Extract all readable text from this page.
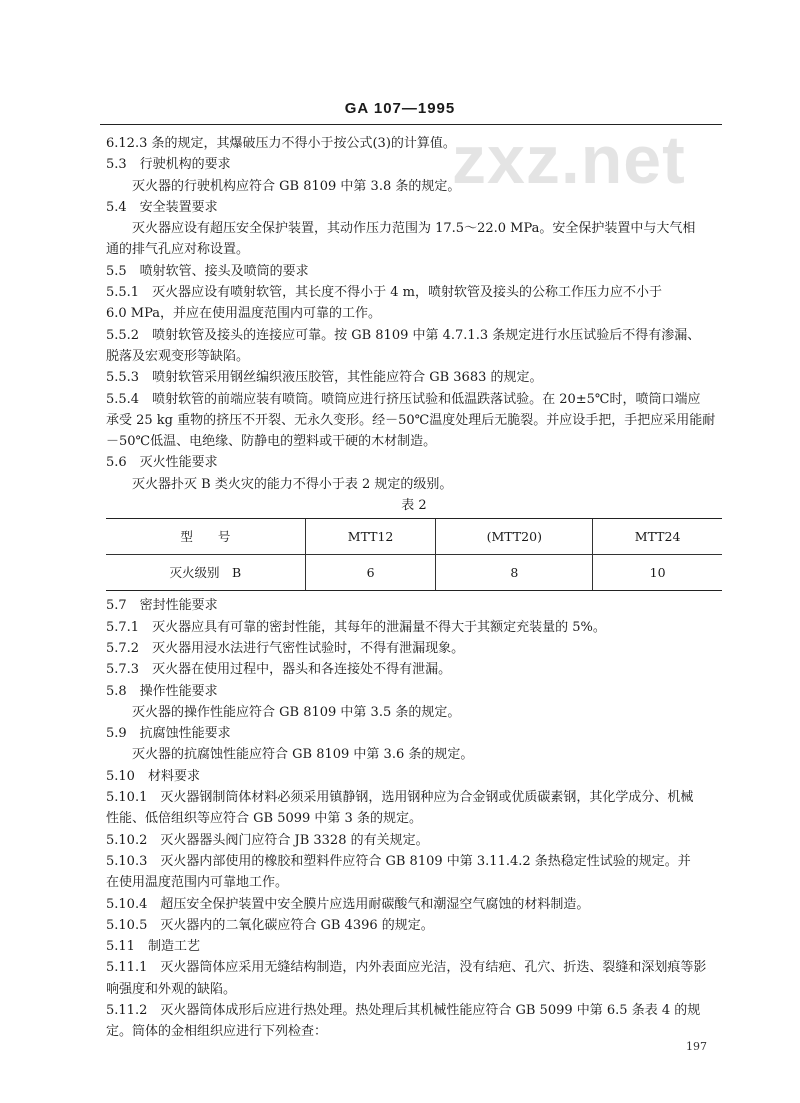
GA 107—1995
zxz.net
6.12.3 条的规定，其爆破压力不得小于按公式(3)的计算值。
5.3　行驶机构的要求
灭火器的行驶机构应符合 GB 8109 中第 3.8 条的规定。
5.4　安全装置要求
灭火器应设有超压安全保护装置，其动作压力范围为 17.5～22.0 MPa。安全保护装置中与大气相
通的排气孔应对称设置。
5.5　喷射软管、接头及喷筒的要求
5.5.1　灭火器应设有喷射软管，其长度不得小于 4 m，喷射软管及接头的公称工作压力应不小于
6.0 MPa，并应在使用温度范围内可靠的工作。
5.5.2　喷射软管及接头的连接应可靠。按 GB 8109 中第 4.7.1.3 条规定进行水压试验后不得有渗漏、
脱落及宏观变形等缺陷。
5.5.3　喷射软管采用钢丝编织液压胶管，其性能应符合 GB 3683 的规定。
5.5.4　喷射软管的前端应装有喷筒。喷筒应进行挤压试验和低温跌落试验。在 20±5℃时，喷筒口端应
承受 25 kg 重物的挤压不开裂、无永久变形。经－50℃温度处理后无脆裂。并应设手把，手把应采用能耐
－50℃低温、电绝缘、防静电的塑料或干硬的木材制造。
5.6　灭火性能要求
灭火器扑灭 B 类火灾的能力不得小于表 2 规定的级别。
表 2
型　　号	MTT12	(MTT20)	MTT24
灭火级别　B	6	8	10
5.7　密封性能要求
5.7.1　灭火器应具有可靠的密封性能，其每年的泄漏量不得大于其额定充装量的 5%。
5.7.2　灭火器用浸水法进行气密性试验时，不得有泄漏现象。
5.7.3　灭火器在使用过程中，器头和各连接处不得有泄漏。
5.8　操作性能要求
灭火器的操作性能应符合 GB 8109 中第 3.5 条的规定。
5.9　抗腐蚀性能要求
灭火器的抗腐蚀性能应符合 GB 8109 中第 3.6 条的规定。
5.10　材料要求
5.10.1　灭火器钢制筒体材料必须采用镇静钢，选用钢种应为合金钢或优质碳素钢，其化学成分、机械
性能、低倍组织等应符合 GB 5099 中第 3 条的规定。
5.10.2　灭火器器头阀门应符合 JB 3328 的有关规定。
5.10.3　灭火器内部使用的橡胶和塑料件应符合 GB 8109 中第 3.11.4.2 条热稳定性试验的规定。并
在使用温度范围内可靠地工作。
5.10.4　超压安全保护装置中安全膜片应选用耐碳酸气和潮湿空气腐蚀的材料制造。
5.10.5　灭火器内的二氧化碳应符合 GB 4396 的规定。
5.11　制造工艺
5.11.1　灭火器筒体应采用无缝结构制造，内外表面应光洁，没有结疤、孔穴、折迭、裂缝和深划痕等影
响强度和外观的缺陷。
5.11.2　灭火器筒体成形后应进行热处理。热处理后其机械性能应符合 GB 5099 中第 6.5 条表 4 的规
定。筒体的金相组织应进行下列检查：
197
